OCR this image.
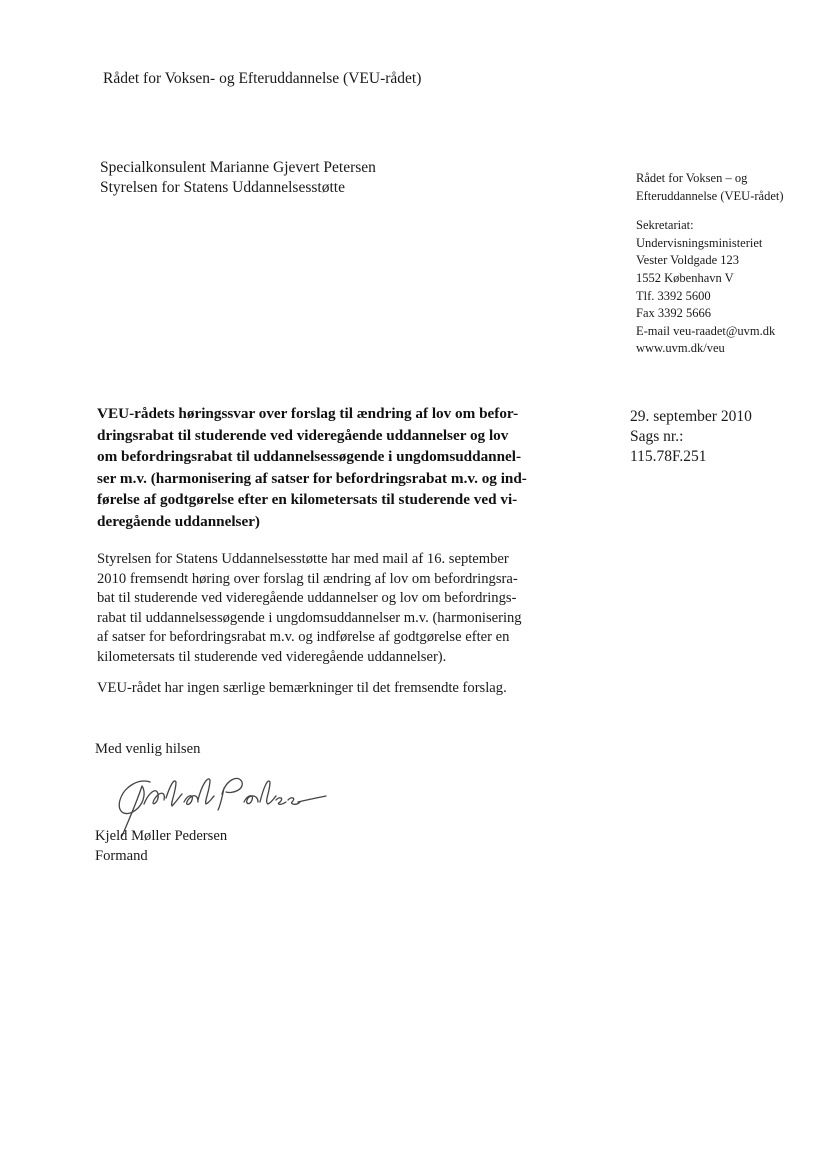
Rådet for Voksen- og Efteruddannelse (VEU-rådet)
Specialkonsulent Marianne Gjevert Petersen
Styrelsen for Statens Uddannelsesstøtte
Rådet for Voksen – og
Efteruddannelse (VEU-rådet)
Sekretariat:
Undervisningsministeriet
Vester Voldgade 123
1552 København V
Tlf. 3392 5600
Fax 3392 5666
E-mail veu-raadet@uvm.dk
www.uvm.dk/veu
VEU-rådets høringssvar over forslag til ændring af lov om befor-
dringsrabat til studerende ved videregående uddannelser og lov
om befordringsrabat til uddannelsessøgende i ungdomsuddannel-
ser m.v. (harmonisering af satser for befordringsrabat m.v. og ind-
førelse af godtgørelse efter en kilometersats til studerende ved vi-
deregående uddannelser)
29. september 2010
Sags nr.:
115.78F.251
Styrelsen for Statens Uddannelsesstøtte har med mail af 16. september
2010 fremsendt høring over forslag til ændring af lov om befordringsra-
bat til studerende ved videregående uddannelser og lov om befordrings-
rabat til uddannelsessøgende i ungdomsuddannelser m.v. (harmonisering
af satser for befordringsrabat m.v. og indførelse af godtgørelse efter en
kilometersats til studerende ved videregående uddannelser).
VEU-rådet har ingen særlige bemærkninger til det fremsendte forslag.
Med venlig hilsen
Kjeld Møller Pedersen
Formand
